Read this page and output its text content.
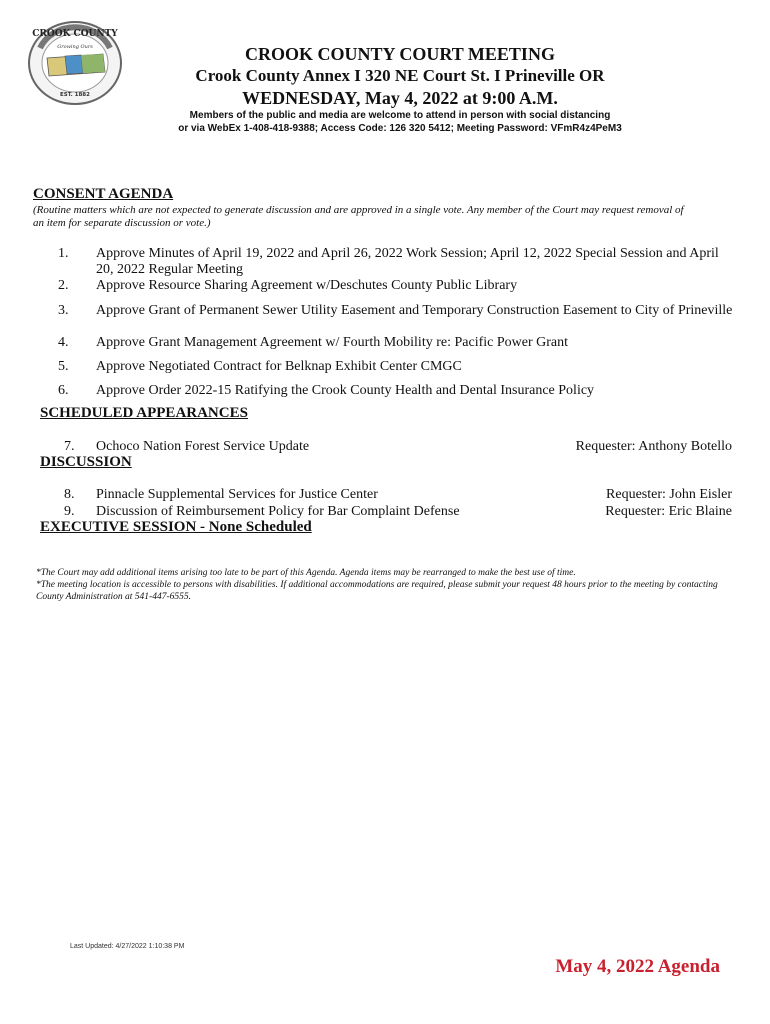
CROOK COUNTY
Growing Ours
EST. 1882
CROOK COUNTY COURT MEETING
Crook County Annex I 320 NE Court St. I Prineville OR
WEDNESDAY, May 4, 2022 at 9:00 A.M.
Members of the public and media are welcome to attend in person with social distancing
or via WebEx 1-408-418-9388; Access Code: 126 320 5412; Meeting Password: VFmR4z4PeM3
CONSENT AGENDA
(Routine matters which are not expected to generate discussion and are approved in a single vote. Any member of the Court may request removal of an item for separate discussion or vote.)
1. Approve Minutes of April 19, 2022 and April 26, 2022 Work Session; April 12, 2022 Special Session and April 20, 2022 Regular Meeting
2. Approve Resource Sharing Agreement w/Deschutes County Public Library
3. Approve Grant of Permanent Sewer Utility Easement and Temporary Construction Easement to City of Prineville
4. Approve Grant Management Agreement w/ Fourth Mobility re: Pacific Power Grant
5. Approve Negotiated Contract for Belknap Exhibit Center CMGC
6. Approve Order 2022-15 Ratifying the Crook County Health and Dental Insurance Policy
SCHEDULED APPEARANCES
7. Ochoco Nation Forest Service Update	Requester: Anthony Botello
DISCUSSION
8. Pinnacle Supplemental Services for Justice Center	Requester: John Eisler
9. Discussion of Reimbursement Policy for Bar Complaint Defense	Requester: Eric Blaine
EXECUTIVE SESSION - None Scheduled
*The Court may add additional items arising too late to be part of this Agenda. Agenda items may be rearranged to make the best use of time.
*The meeting location is accessible to persons with disabilities. If additional accommodations are required, please submit your request 48 hours prior to the meeting by contacting County Administration at 541-447-6555.
Last Updated: 4/27/2022 1:10:38 PM
May 4, 2022 Agenda
